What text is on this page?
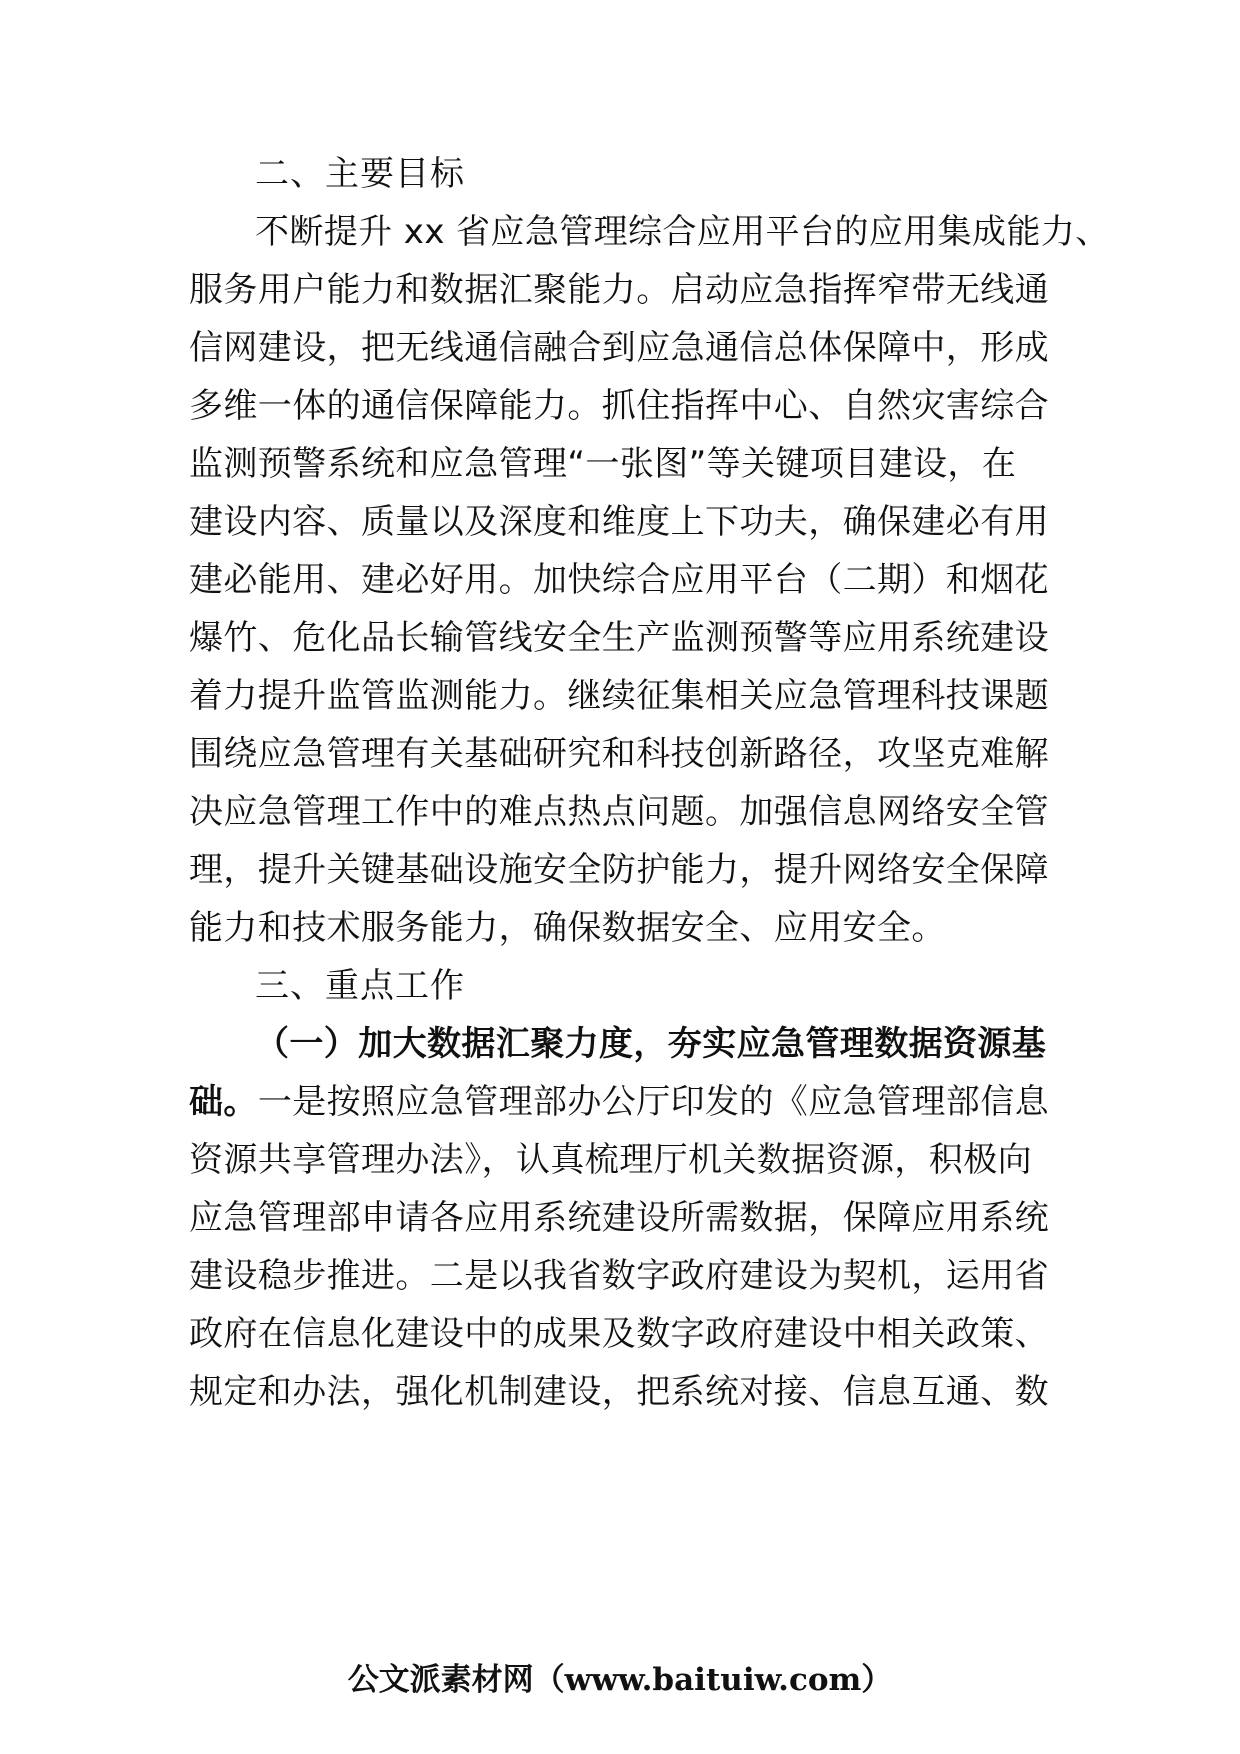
二、主要目标
不断提升 xx 省应急管理综合应用平台的应用集成能力、
服务用户能力和数据汇聚能力。启动应急指挥窄带无线通
信网建设，把无线通信融合到应急通信总体保障中，形成
多维一体的通信保障能力。抓住指挥中心、自然灾害综合
监测预警系统和应急管理“一张图”等关键项目建设，在
建设内容、质量以及深度和维度上下功夫，确保建必有用
建必能用、建必好用。加快综合应用平台（二期）和烟花
爆竹、危化品长输管线安全生产监测预警等应用系统建设
着力提升监管监测能力。继续征集相关应急管理科技课题
围绕应急管理有关基础研究和科技创新路径，攻坚克难解
决应急管理工作中的难点热点问题。加强信息网络安全管
理，提升关键基础设施安全防护能力，提升网络安全保障
能力和技术服务能力，确保数据安全、应用安全。
三、重点工作
（一）加大数据汇聚力度，夯实应急管理数据资源基
础。一是按照应急管理部办公厅印发的《应急管理部信息
资源共享管理办法》，认真梳理厅机关数据资源，积极向
应急管理部申请各应用系统建设所需数据，保障应用系统
建设稳步推进。二是以我省数字政府建设为契机，运用省
政府在信息化建设中的成果及数字政府建设中相关政策、
规定和办法，强化机制建设，把系统对接、信息互通、数
公文派素材网（www.baituiw.com）
